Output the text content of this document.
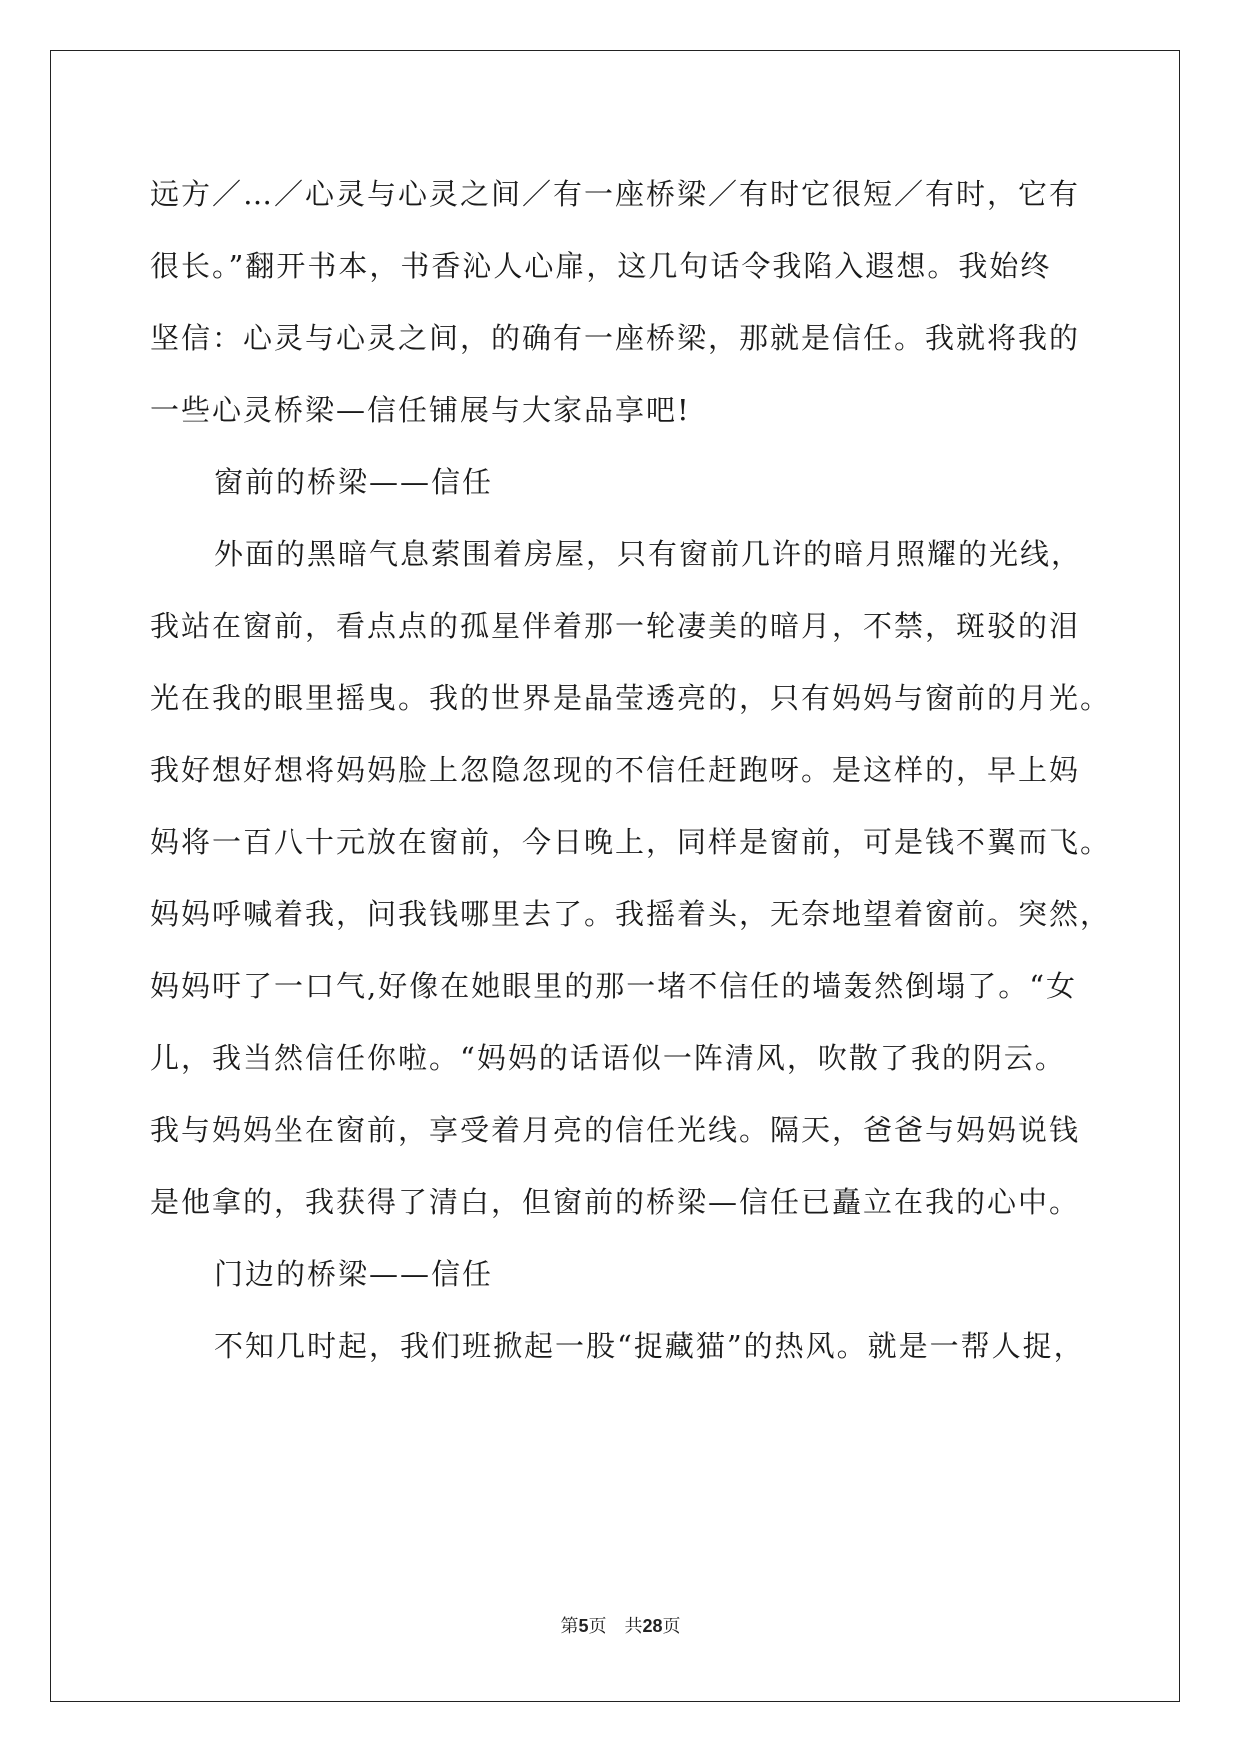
远方／…／心灵与心灵之间／有一座桥梁／有时它很短／有时，它有
很长。”翻开书本，书香沁人心扉，这几句话令我陷入遐想。我始终
坚信：心灵与心灵之间，的确有一座桥梁，那就是信任。我就将我的
一些心灵桥梁—信任铺展与大家品享吧!
窗前的桥梁——信任
外面的黑暗气息萦围着房屋，只有窗前几许的暗月照耀的光线，
我站在窗前，看点点的孤星伴着那一轮凄美的暗月，不禁，斑驳的泪
光在我的眼里摇曳。我的世界是晶莹透亮的，只有妈妈与窗前的月光。
我好想好想将妈妈脸上忽隐忽现的不信任赶跑呀。是这样的，早上妈
妈将一百八十元放在窗前，今日晚上，同样是窗前，可是钱不翼而飞。
妈妈呼喊着我，问我钱哪里去了。我摇着头，无奈地望着窗前。突然，
妈妈吁了一口气,好像在她眼里的那一堵不信任的墙轰然倒塌了。“女
儿，我当然信任你啦。“妈妈的话语似一阵清风，吹散了我的阴云。
我与妈妈坐在窗前，享受着月亮的信任光线。隔天，爸爸与妈妈说钱
是他拿的，我获得了清白，但窗前的桥梁—信任已矗立在我的心中。
门边的桥梁——信任
不知几时起，我们班掀起一股“捉藏猫”的热风。就是一帮人捉，
第5页 共28页
